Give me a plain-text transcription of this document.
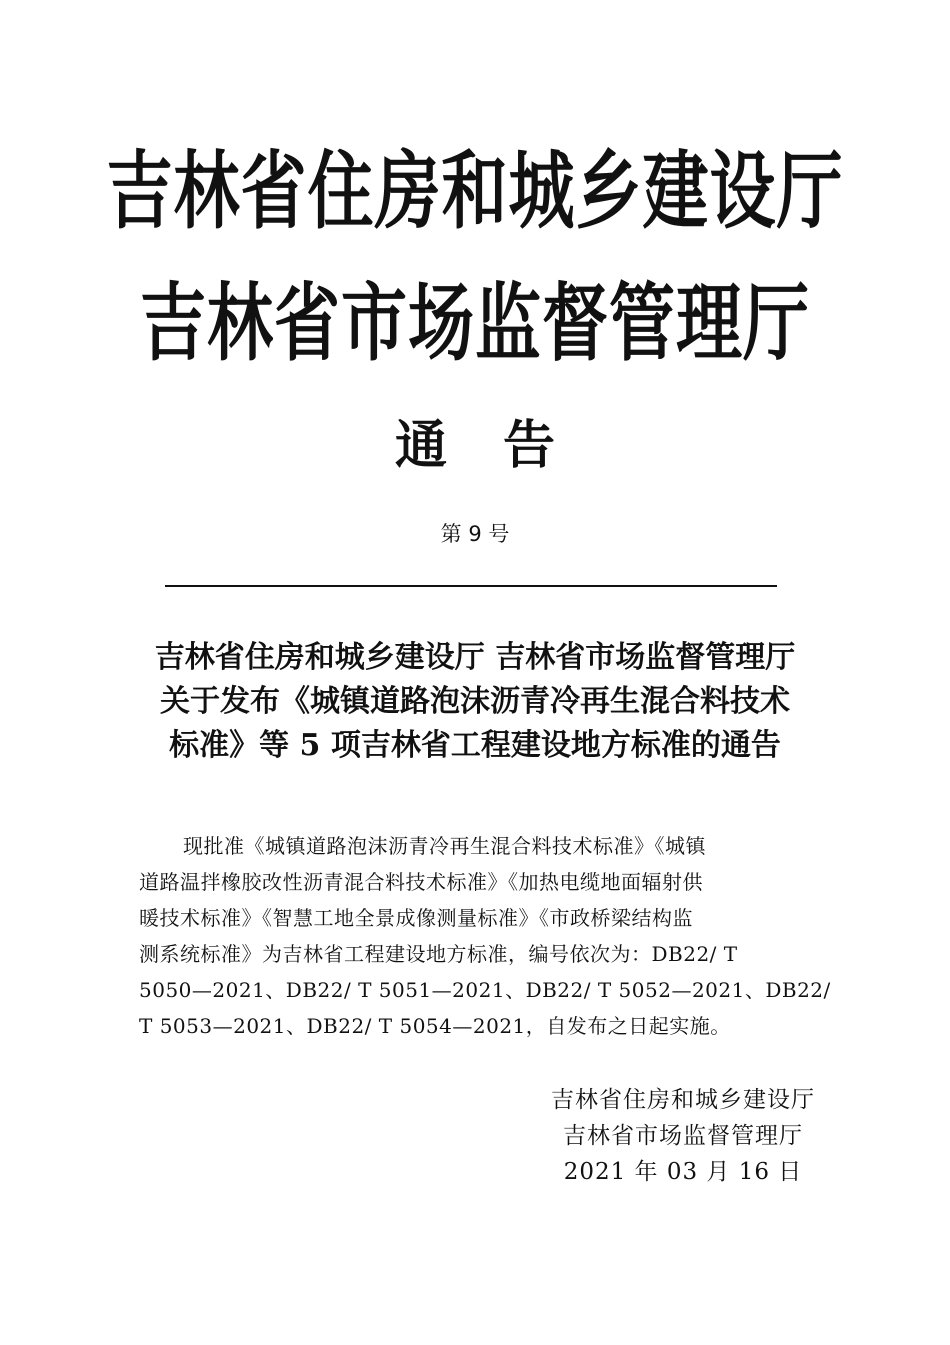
吉林省住房和城乡建设厅
吉林省市场监督管理厅
通告
第 9 号
吉林省住房和城乡建设厅 吉林省市场监督管理厅
关于发布《城镇道路泡沫沥青冷再生混合料技术
标准》等 5 项吉林省工程建设地方标准的通告
现批准《城镇道路泡沫沥青冷再生混合料技术标准》《城镇
道路温拌橡胶改性沥青混合料技术标准》《加热电缆地面辐射供
暖技术标准》《智慧工地全景成像测量标准》《市政桥梁结构监
测系统标准》为吉林省工程建设地方标准，编号依次为：DB22/ T
5050—2021、DB22/ T 5051—2021、DB22/ T 5052—2021、DB22/
T 5053—2021、DB22/ T 5054—2021，自发布之日起实施。
吉林省住房和城乡建设厅
吉林省市场监督管理厅
2021 年 03 月 16 日
